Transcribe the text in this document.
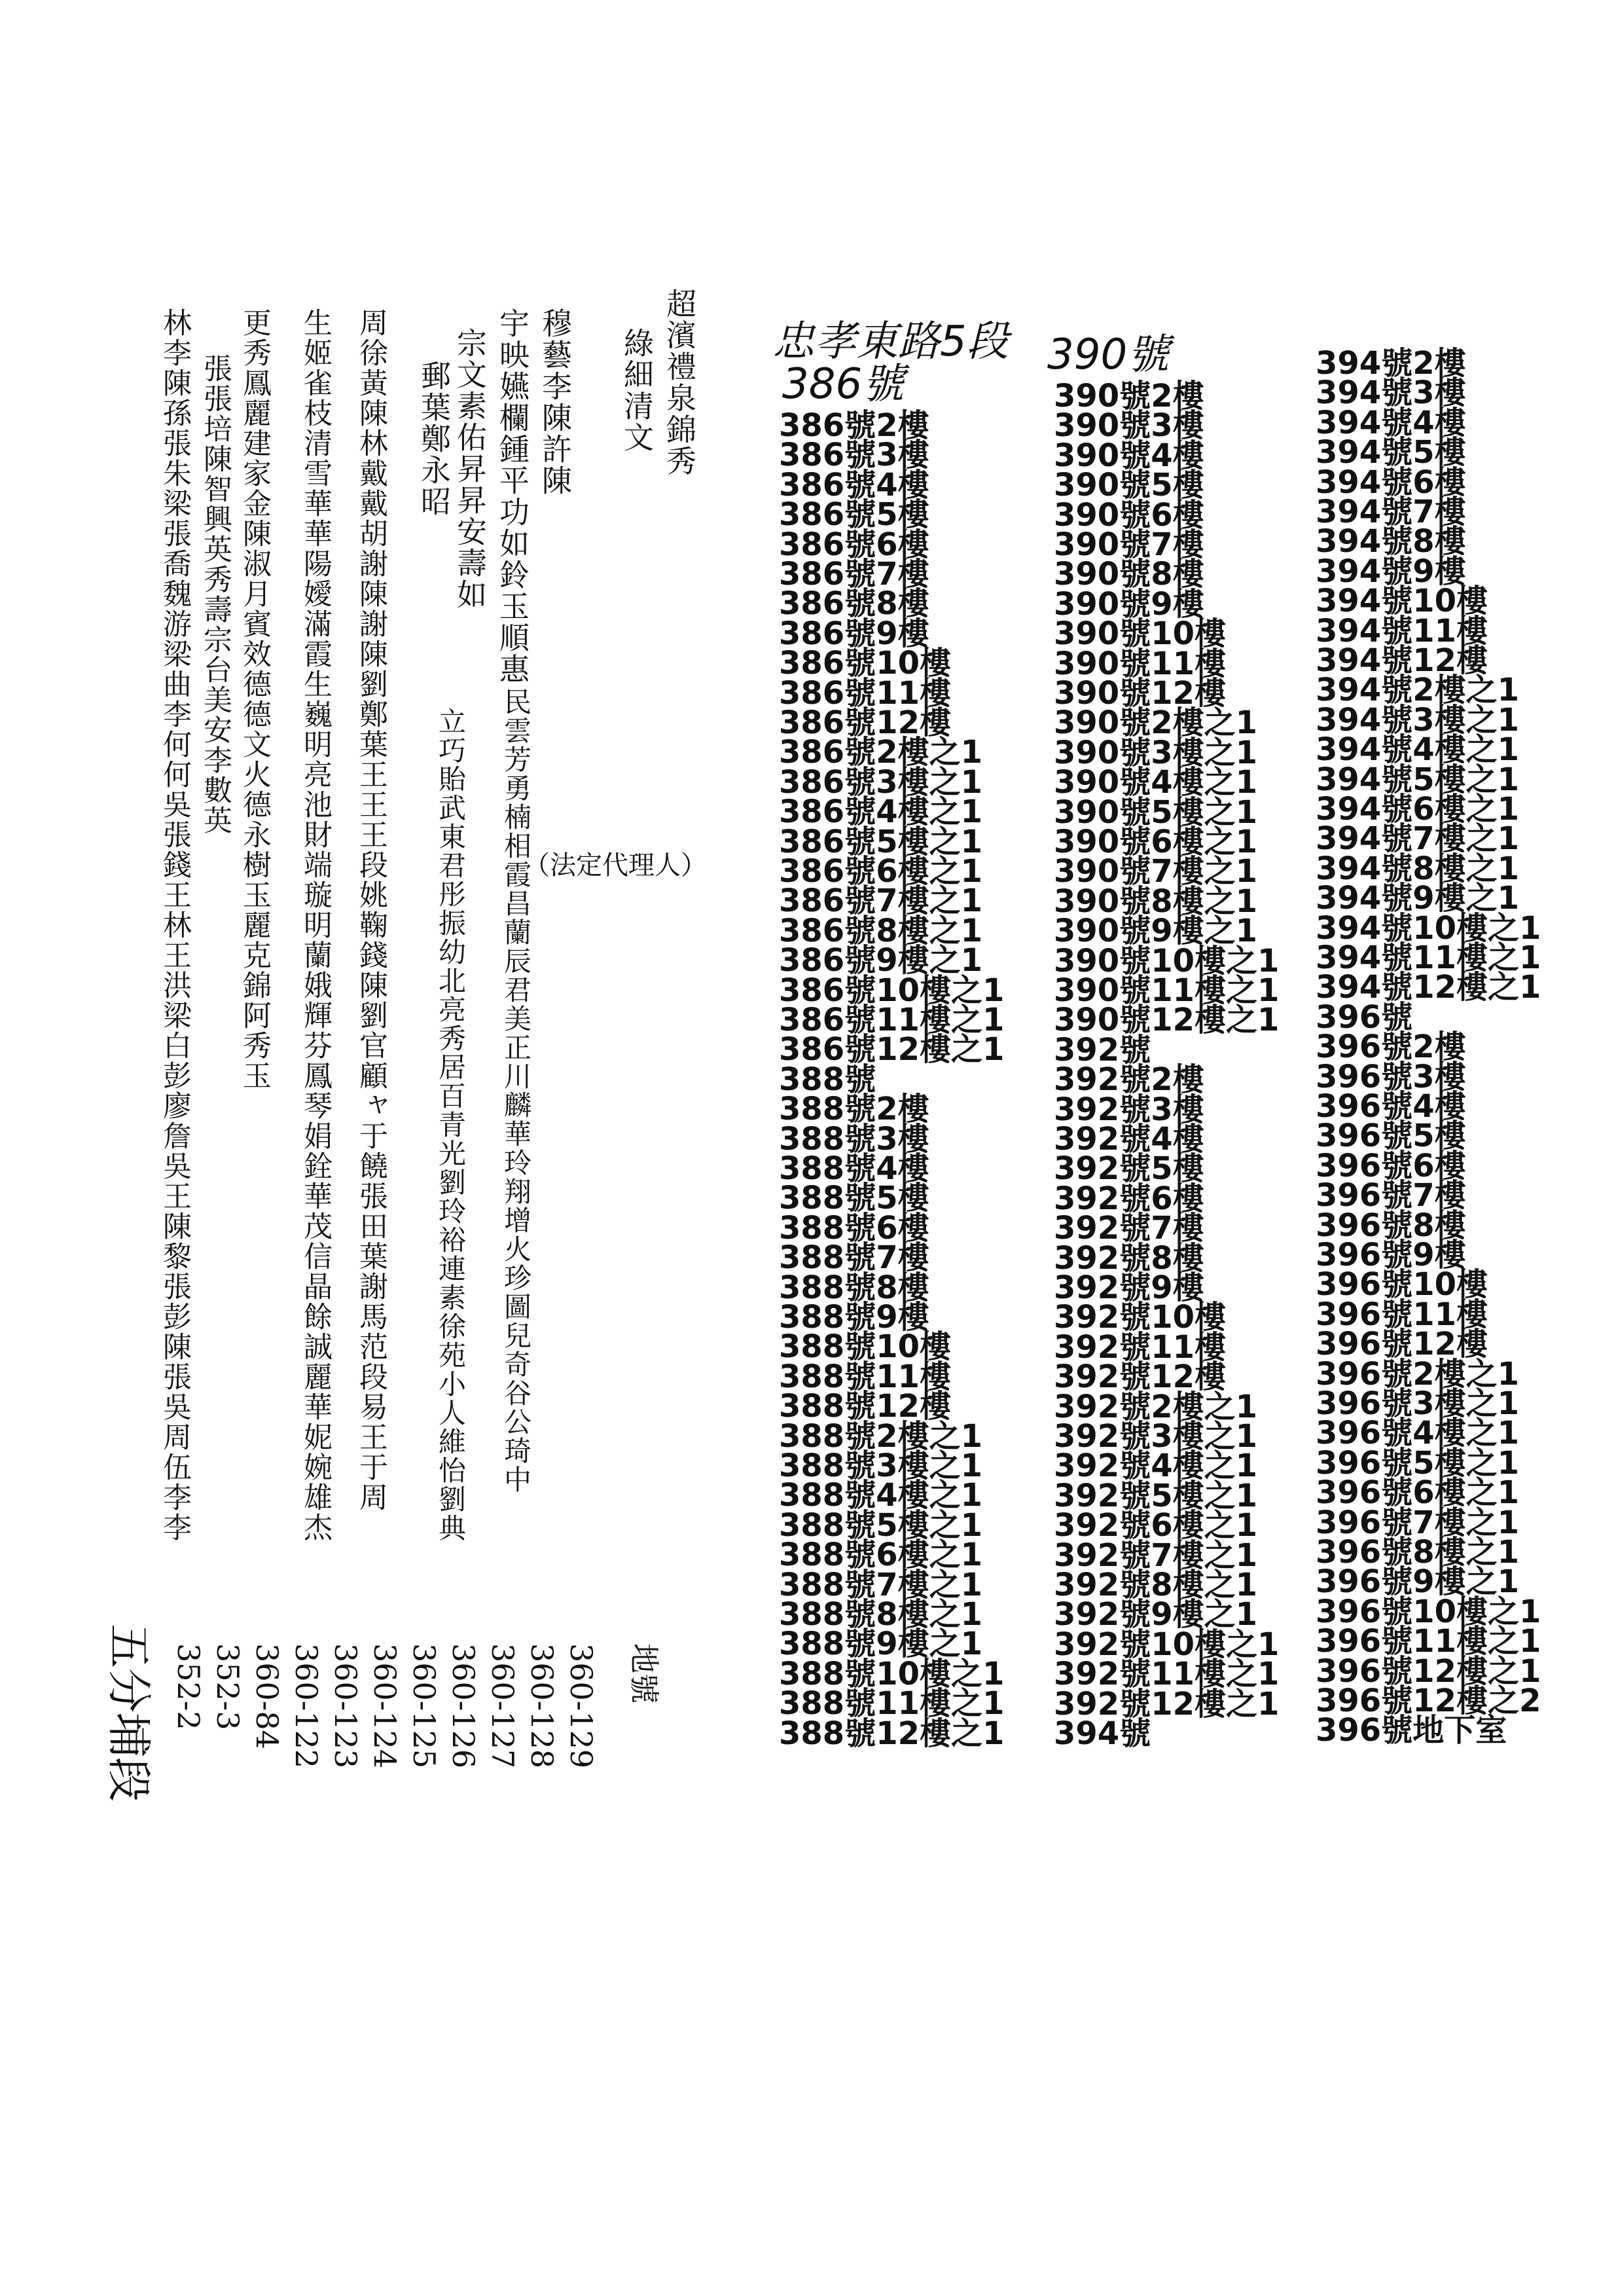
超濱禮泉錦秀
綠細清文
穆藝李陳許陳
宇映嬿欄鍾平功如鈴玉順惠
宗文素佑昇昇安壽如
郵葉鄭永昭
周徐黃陳林戴戴胡謝陳謝陳劉鄭葉王王王段姚鞠錢陳劉官顧ャ于饒張田葉謝馬范段易王于周
生姬雀枝清雪華華陽嬡滿霞生巍明亮池財端璇明蘭娥輝芬鳳琴娟銓華茂信晶餘誠麗華妮婉雄杰
更秀鳳麗建家金陳淑月賓效德德文火德永樹玉麗克錦阿秀玉
張張培陳智興英秀壽宗台美安李數英
林李陳孫張朱梁張喬魏游梁曲李何何吳張錢王林王洪梁白彭廖詹吳王陳黎張彭陳張吳周伍李李	民雲芳勇楠相霞昌蘭辰君美正川麟華玲翔增火珍圖兒奇谷公琦中
立巧貽武東君彤振幼北亮秀居百青光劉玲裕連素徐苑小人維怡劉典 （法定代理人）
地號
360-129
360-128
360-127
360-126
360-125
360-124
360-123
360-122
360-84
352-3
352-2
五分埔段
忠孝東路5段
386號
390號
386號2樓
386號3樓
386號4樓
386號5樓
386號6樓
386號7樓
386號8樓
386號9樓
386號10樓
386號11樓
386號12樓
386號2樓之1
386號3樓之1
386號4樓之1
386號5樓之1
386號6樓之1
386號7樓之1
386號8樓之1
386號9樓之1
386號10樓之1
386號11樓之1
386號12樓之1
388號
388號2樓
388號3樓
388號4樓
388號5樓
388號6樓
388號7樓
388號8樓
388號9樓
388號10樓
388號11樓
388號12樓
388號2樓之1
388號3樓之1
388號4樓之1
388號5樓之1
388號6樓之1
388號7樓之1
388號8樓之1
388號9樓之1
388號10樓之1
388號11樓之1
388號12樓之1
390號2樓
390號3樓
390號4樓
390號5樓
390號6樓
390號7樓
390號8樓
390號9樓
390號10樓
390號11樓
390號12樓
390號2樓之1
390號3樓之1
390號4樓之1
390號5樓之1
390號6樓之1
390號7樓之1
390號8樓之1
390號9樓之1
390號10樓之1
390號11樓之1
390號12樓之1
392號
392號2樓
392號3樓
392號4樓
392號5樓
392號6樓
392號7樓
392號8樓
392號9樓
392號10樓
392號11樓
392號12樓
392號2樓之1
392號3樓之1
392號4樓之1
392號5樓之1
392號6樓之1
392號7樓之1
392號8樓之1
392號9樓之1
392號10樓之1
392號11樓之1
392號12樓之1
394號
394號2樓
394號3樓
394號4樓
394號5樓
394號6樓
394號7樓
394號8樓
394號9樓
394號10樓
394號11樓
394號12樓
394號2樓之1
394號3樓之1
394號4樓之1
394號5樓之1
394號6樓之1
394號7樓之1
394號8樓之1
394號9樓之1
394號10樓之1
394號11樓之1
394號12樓之1
396號
396號2樓
396號3樓
396號4樓
396號5樓
396號6樓
396號7樓
396號8樓
396號9樓
396號10樓
396號11樓
396號12樓
396號2樓之1
396號3樓之1
396號4樓之1
396號5樓之1
396號6樓之1
396號7樓之1
396號8樓之1
396號9樓之1
396號10樓之1
396號11樓之1
396號12樓之1
396號12樓之2
396號地下室
